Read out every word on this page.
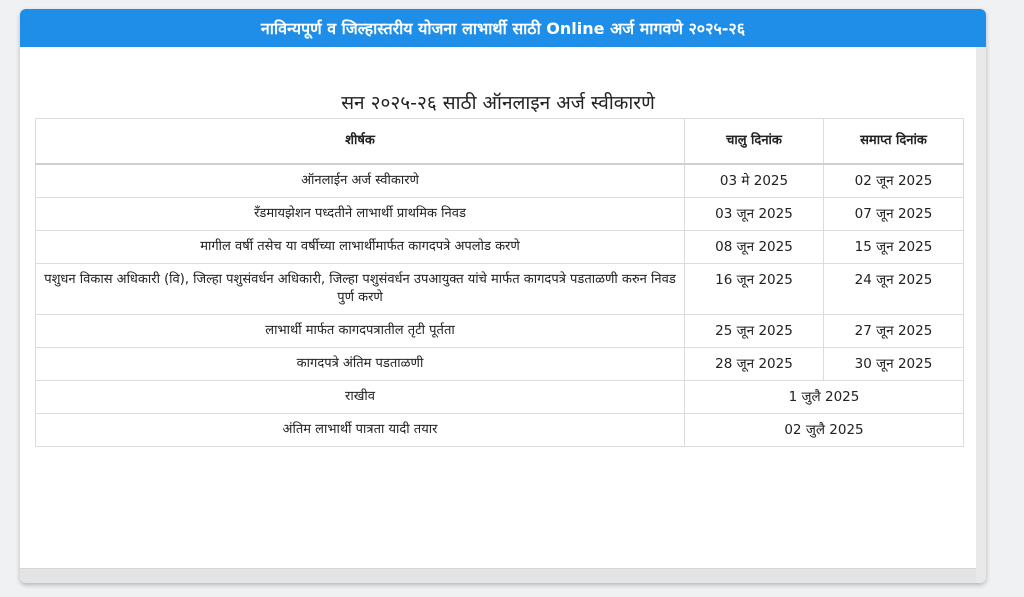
नाविन्यपूर्ण व जिल्हास्तरीय योजना लाभार्थी साठी Online अर्ज मागवणे २०२५-२६
सन २०२५-२६ साठी ऑनलाइन अर्ज स्वीकारणे
शीर्षक	चालु दिनांक	समाप्त दिनांक
ऑनलाईन अर्ज स्वीकारणे	03 मे 2025	02 जून 2025
रॅंडमायझेशन पध्दतीने लाभार्थी प्राथमिक निवड	03 जून 2025	07 जून 2025
मागील वर्षी तसेच या वर्षीच्या लाभार्थीमार्फत कागदपत्रे अपलोड करणे	08 जून 2025	15 जून 2025
पशुधन विकास अधिकारी (वि), जिल्हा पशुसंवर्धन अधिकारी, जिल्हा पशुसंवर्धन उपआयुक्त यांचे मार्फत कागदपत्रे पडताळणी करुन निवड पुर्ण करणे	16 जून 2025	24 जून 2025
लाभार्थी मार्फत कागदपत्रातील तृटी पूर्तता	25 जून 2025	27 जून 2025
कागदपत्रे अंतिम पडताळणी	28 जून 2025	30 जून 2025
राखीव	1 जुलै 2025	
अंतिम लाभार्थी पात्रता यादी तयार	02 जुलै 2025	
